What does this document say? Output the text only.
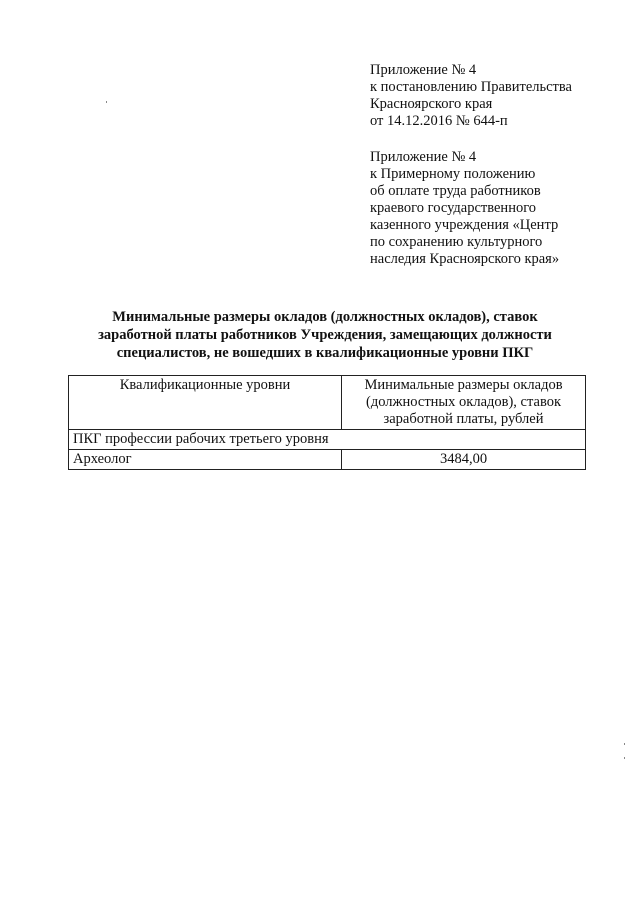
Приложение № 4
к постановлению Правительства
Красноярского края
от 14.12.2016 № 644-п
Приложение № 4
к Примерному положению
об оплате труда работников
краевого государственного
казенного учреждения «Центр
по сохранению культурного
наследия Красноярского края»
Минимальные размеры окладов (должностных окладов), ставок
заработной платы работников Учреждения, замещающих должности
специалистов, не вошедших в квалификационные уровни ПКГ
Квалификационные уровни	Минимальные размеры окладов
(должностных окладов), ставок
заработной платы, рублей

ПКГ профессии рабочих третьего уровня	
Археолог	3484,00
